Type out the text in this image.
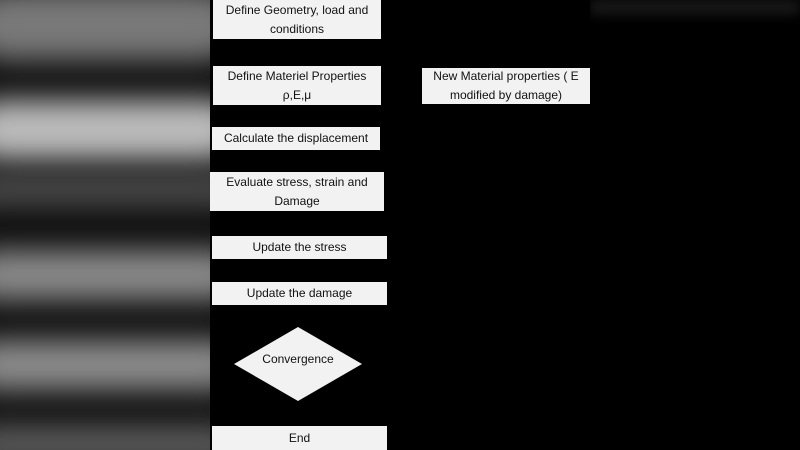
Define Geometry, load and
conditions
Define Materiel Properties
ρ,E,μ
Calculate the displacement
Evaluate stress, strain and
Damage
Update the stress
Update the damage
Convergence
End
New Material properties ( E
modified by damage)
